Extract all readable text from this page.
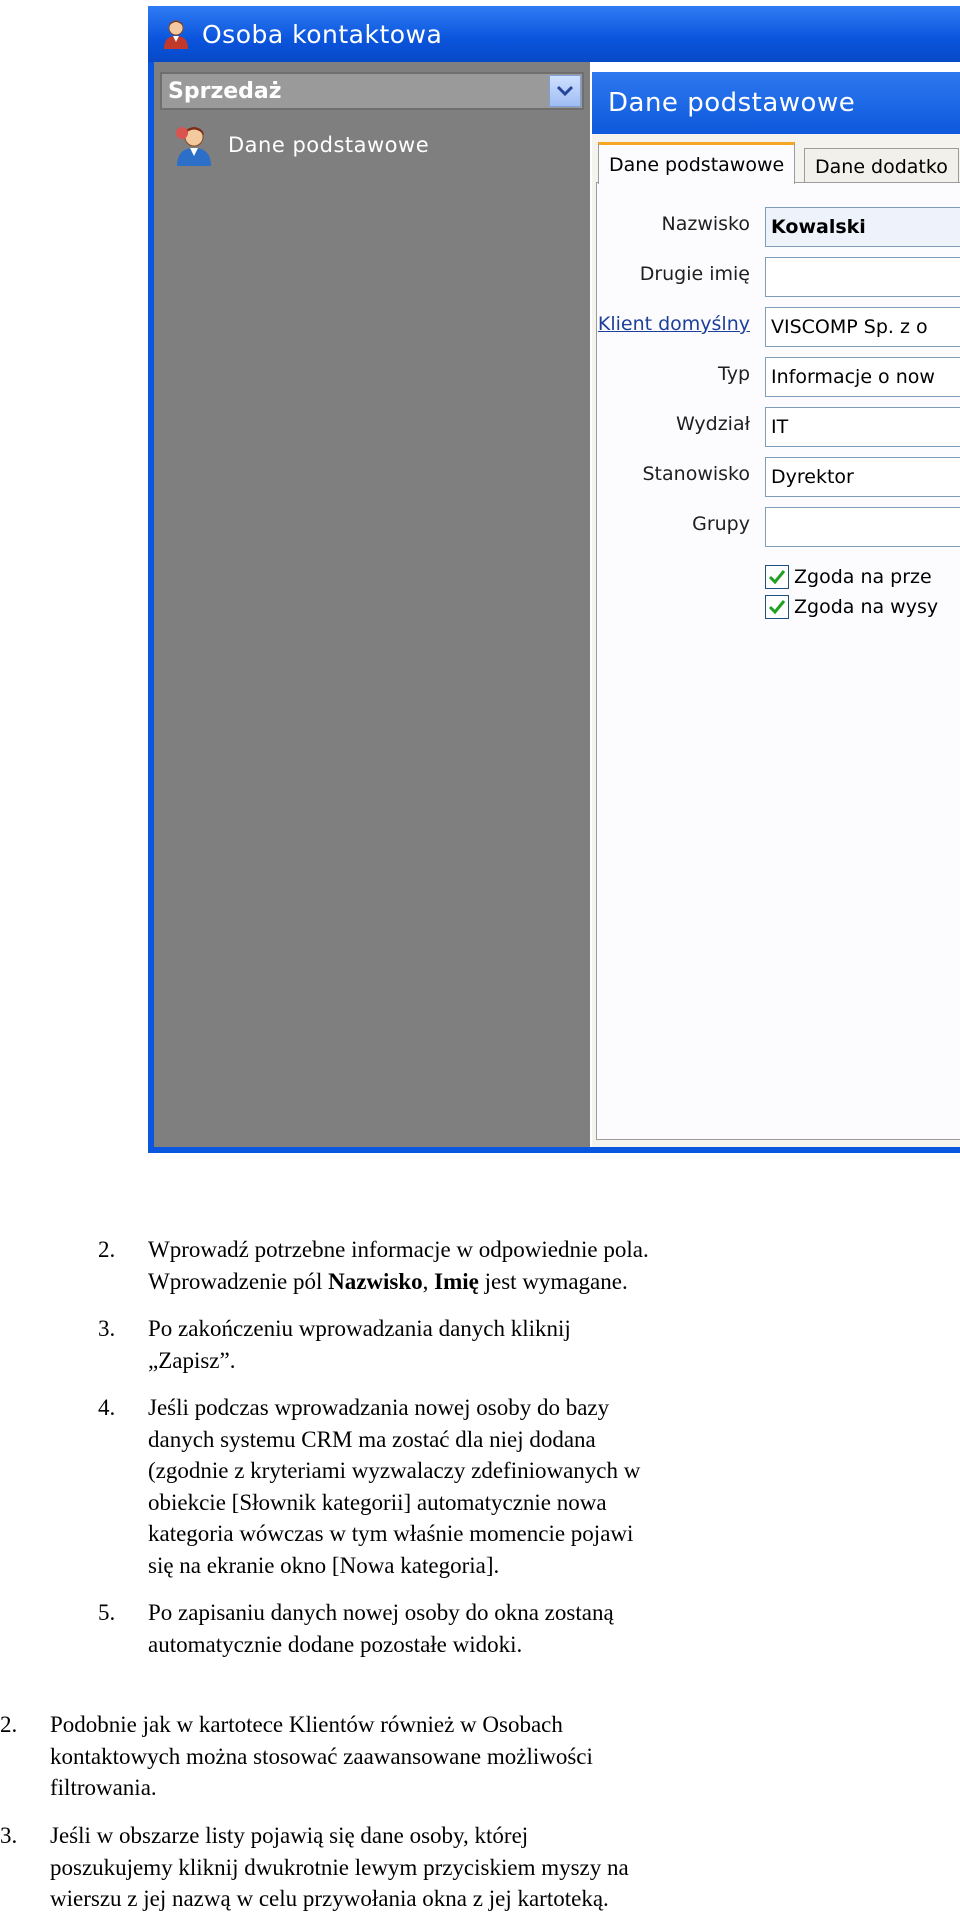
Osoba kontaktowa
Sprzedaż
Dane podstawowe
Dane podstawowe
Dane podstawowe	Dane dodatko
Nazwisko	Kowalski
Drugie imię
Klient domyślny	VISCOMP Sp. z o
Typ	Informacje o now
Wydział	IT
Stanowisko	Dyrektor
Grupy
Zgoda na prze
Zgoda na wysy
2. Wprowadź potrzebne informacje w odpowiednie pola.
Wprowadzenie pól Nazwisko, Imię jest wymagane.
3. Po zakończeniu wprowadzania danych kliknij
„Zapisz”.
4. Jeśli podczas wprowadzania nowej osoby do bazy
danych systemu CRM ma zostać dla niej dodana
(zgodnie z kryteriami wyzwalaczy zdefiniowanych w
obiekcie [Słownik kategorii] automatycznie nowa
kategoria wówczas w tym właśnie momencie pojawi
się na ekranie okno [Nowa kategoria].
5. Po zapisaniu danych nowej osoby do okna zostaną
automatycznie dodane pozostałe widoki.
2. Podobnie jak w kartotece Klientów również w Osobach
kontaktowych można stosować zaawansowane możliwości
filtrowania.
3. Jeśli w obszarze listy pojawią się dane osoby, której
poszukujemy kliknij dwukrotnie lewym przyciskiem myszy na
wierszu z jej nazwą w celu przywołania okna z jej kartoteką.
